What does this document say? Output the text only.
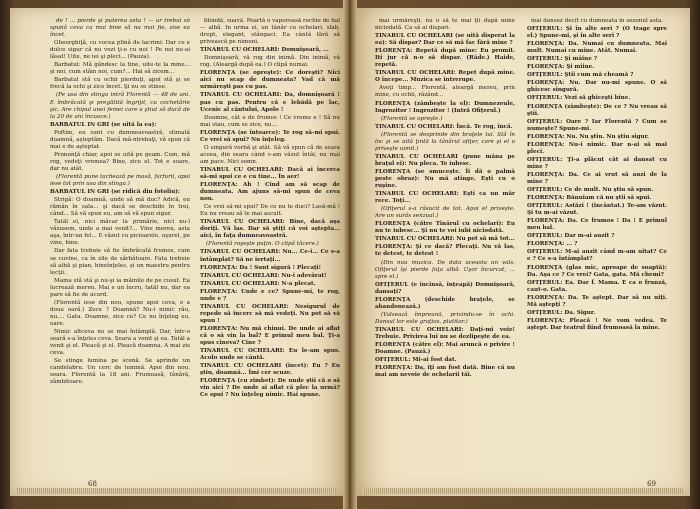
de ! ... pierde şi puterea asta ! — ar trebui să spună ceva ca mai bine să nu mai fie, zise ea încet.

Gheorghiţă, cu vocea plină de lacrimi: Dar ce e dulce sigur că nu vezi ţi-e cu noi ! Pe noi ne-ai lăsat! Uite, ne iei şi pleci... (Pauza).

Barbatul: Mă gândesc la tine, uite-te la mine... şi noi, cum stăm noi, cum?... Hai să zicem...

Barbatul stă cu ochii pierduţi, apoi stă şi se frecă la ochi şi zice încet. Şi nu se stinse.

(Pe usa din stinga intră Florentă — 48 de ani. E îmbrăcată şi pregătită îngrijit, cu cochetărie şic. Are chipul unei femei care a ştiut să ducă de la 20 de ani încoace.)

BARBATUL IN GRI (se uită la ea):

Poftim, eu sunt cu dumneavoastră, stimată doamnă, aşteptăm. Dacă mă-ntrebaţi, vă spun că mai e de aşteptat.

Pronunţă chiar, apoi se uită pe geam. Cum, mă rog, vedeţi vremea? Bine, zice el. Tot e soare, dar nu atât.

(Florentă pune tachează pe masă, farfurii, apoi iese tot prin usa din stinga.)

BARBATUL IN GRI (se ridică din fotoliu):

Strigă: O doamnă, unde să mă duc? Adică, eu rămân în sala... şi dacă se deschide în trei, când... Să vă spun eu, am să vă spun sigur.

Tatăl el, nici măcar la primărie, nici nu-l văzusem, unde a mai venit?... Vine mereu, asta aşa, într-un fel... E văzut cu picioarele, uşurel, pe vine, bine.

Dar fata trebuie să fie îmbrăcată frumos, cum se cuvine, ca în zile de sărbătoare. Fata trebuie să aibă şi pian, bineînţeles, şi un maestru pentru lecţii.

Mama stă stă şi nu-şi ia mâinile de pe cusut. Ea lucrează mereu. Mai e un lucru, tatăl nu, dar ea pare să fie de acord.

(Florentă iese din nou, spune apoi ceva, e a doua oară.) Zece ? Doamnă? Nu-i nimic rău, nu.... Gata. Doamne, zice ce? Ce nu înţeleg eu, oare.

Nimic altceva nu se mai întâmplă. Dar, într-o seară s-a înţeles ceva. Seara a venit şi ea. Tatăl a venit şi el. Pleacă şi el. Pleacă doamna. A mai zis ceva.

Se stinge lumina pe scenă. Se aprinde un candelabru. Un cerc de lumină. Apoi din nou, seara. Florentă la 18 ani. Frumoasă, tânără, zâmbitoare.

blondă, suavă. Poartă o vaporoasă rochie de bal — albă. In urma ei, un tânăr cu ochelari, slab, drept, elegant, stângaci. Ea cântă fără să privească pe nimeni.

TINARUL CU OCHELARI: Domnişoară, ...

Domnişoară, vă rog din inimă. Din inimă, vă rog. (Aleargă după ea.) O clipă numai.

FLORENŢA (se opreşte): Ce doreşti? Nici aici nu scap de dumneata? Vad că mă urmăreşti pas cu pas.

TINARUL CU OCHELARI: Da, domnişoară ! pas cu pas. Pentru că e lebădă pe lac, Ucenic al cântului, Apolo !

Doamne, cât e de frumos ! Ce vreme e ! Să nu mai stau, cum se zice, nu...

FLORENŢA (se întoarce): Te rog să-mi spui. Ce vrei să spui? Nu înţeleg.

O singură vorbă şi atât. Să vă spun că de seara aceea, din seara când v-am văzut întâi, nu mai am pace. Nici somn.

TINARUL CU OCHELARI: Dacă ai încerca să-mi spui ce e cu tine... În aer!

FLORENŢA: Ah ! Cînd am să scap de dumneata. Am ajuns să-mi spun de ceva nou.

Ce vrei să-mi spui? De ce nu te duci? Lasă-mă ! Eu nu vreau să te mai ascult.

TINARUL CU OCHELARI: Bine, dacă aşa doriţi. Vă las. Dar să ştiţi că voi aştepta... aici, în faţa dumneavoastră.

(Florentă roşeşte puţin. O clipă tăcere.)

TINARUL CU OCHELARI: Nu... Ce-i... Ce s-a întâmplat? Să ne iertaţi...

FLORENŢA: Da ! Sunt sigură ! Plecaţi!

TINARUL CU OCHELARI: Nu-i adevărat!

TINARUL CU OCHELARI: N-a plecat.

FLORENŢA: Unde e ce? Spune-mi, te rog, unde e ?

TINARUL CU OCHELARI: Nesigurul de repede să încerc să mă vedeţi. Nu pot să vă spun !

FLORENŢA: Nu mă chinui. De unde ai aflat că o să vin la bal? E primul meu bal. Ţi-a spus cineva? Cine ?

TINARUL CU OCHELARI: Eu le-am spus. Acolo unde se cântă.

TINARUL CU OCHELARI (încet): Eu ? Eu ştiu, doamnă... Îmi cer scuze.

FLORENŢA (cu zîmbet): De unde ştii că o să vin aici ? De unde ai aflat că plec la urmă? Ce spui ? Nu înţeleg nimic. Hai spune.

68

mai urmăreşti, nu o să te mai ţii după mine niciodată. Ca să ai dispari.

TINARUL CU OCHELARI (se uită disperat la ea): Să dispar? Dar ce să mă fac fără mine ?

FLORENŢA: Repetă după mine: Eu promit. Iti jur că n-o să dispar. (Râde.) Haide, repetă.

TINARUL CU OCHELARI: Repet după mine. O începe... Muzica se întrerupe.

Aveţi timp... Florentă, aleargă mereu, prin mine, cu ochii, râzând...

FLORENŢA (zâmbeşte la el): Dumnezeule, Ingrozitor ! Ingrozitor ! (Intră Ofiţerul.)

(Florentă se opreşte.)

TINARUL CU OCHELARI: Încă. Te rog, încă.

(Florentă se desprinde din braţele lui. Stă în loc şi se uită ţintă la tânărul ofiţer, care şi el o priveşte uimit.)

TINARUL CU OCHELARI (pune mâna pe braţul ei): Nu pleca. Te iubesc.

FLORENŢA (se smuceşte. Îi dă o palmă peste obraz): Nu mă atinge. Eşti cu o ruşine.

TINARUL CU OCHELARI: Eşti ca un măr rece. Toţi...

(Ofiţerul s-a răsucit de tot. Apoi el priveşte. Are un surâs senzual.)

FLORENŢA (către Tînărul cu ochelari): Eu nu te iubesc... Şi nu te voi iubi niciodată.

TINARUL CU OCHELARI: Nu pot să mă tot...

FLORENŢA: Şi ce dacă? Plecaţi. Nu vă las, te detest, te detest !

(Din nou muzica. De data aceasta un vals. Ofiţerul îşi pierde faţa albă. Uşor încurcat, ... spre el.)

OFIŢERUL (e încinsă, înţeapă) Domnişoară, dansaţi?

FLORENŢA (deschide braţele, se abandonează.)

(Valsează împreună, privindu-se în ochi. Dansul lor este graţios, plutitor.)

TINARUL CU OCHELARI: Daţi-mi voie! Trebuie. Privirea lui nu se dezlipeşte de ea.

FLORENŢA (către el): Mai aruncă o privire ! Doamne. (Pauză.)

OFIŢERUL: Mi-ai fost dat.

FLORENŢA: Da, îţi am fost dată. Bine că nu mai am nevoie de ochelarii tăi.

mai dansez decît cu dumneata în sezonul asta.

OFIŢERUL: Şi în alte seri ? (O trage spre el.) Spune-mi, şi în alte seri ?

FLORENŢA: Da. Numai cu dumneata. Mai mult. Numai cu mine. Atât. Numai.

OFIŢERUL: Şi mâine ?

FLORENŢA: Şi mîine.

OFIŢERUL: Ştii cum mă cheamă ?

FLORENŢA: Nu. Dar nu-mi spune. O să ghicesc singură.

OFIŢERUL: Vezi să ghiceşti bine.

FLORENŢA (zâmbeşte): De ce ? Nu vreau să ştii.

OFIŢERUL: Oare ? Iar Florentă ? Cum se numeşte? Spune-mi.

FLORENŢA: Nu. Nu ştiu. Nu ştiu sigur.

FLORENŢA: Nu-i nimic. Dar n-ai să mai pleci.

OFIŢERUL: Ţi-a plăcut cât ai dansat cu mine ?

FLORENŢA: Da. Ce ai vrut să auzi de la mine ?

OFIŢERUL: Ce de mult. Nu ştiu să spun.

FLORENŢA: Bănuiam că nu ştii să spui.

OFIŢERUL: Astăzi ! (încântat.) Te-am văzut. Şi tu m-ai văzut.

FLORENŢA: Da. Ce frumos ! Da ! E primul meu bal.

OFIŢERUL: Dar m-ai auzit ?

FLORENŢA: ... ?

OFIŢERUL: M-ai auzit când m-am uitat? Ce e ? Ce s-a întâmplat?

FLORENŢA (glas mic, aproape de soaptă): Da. Aşa ce ? Ce vrei? Gata, gata. Mă chemi?

OFIŢERUL: Ea. Dar f. Mama. E ca o frunză, caut-o. Gata.

FLORENŢA: Da. Te aştept. Dar să nu uiţi. Mă aştepţi ?

OFIŢERUL: Da. Sigur.

FLORENŢA: Pleacă ! Ne vom vedea. Te aştept. Dar teatrul fiind frumoasă la mine.

69
